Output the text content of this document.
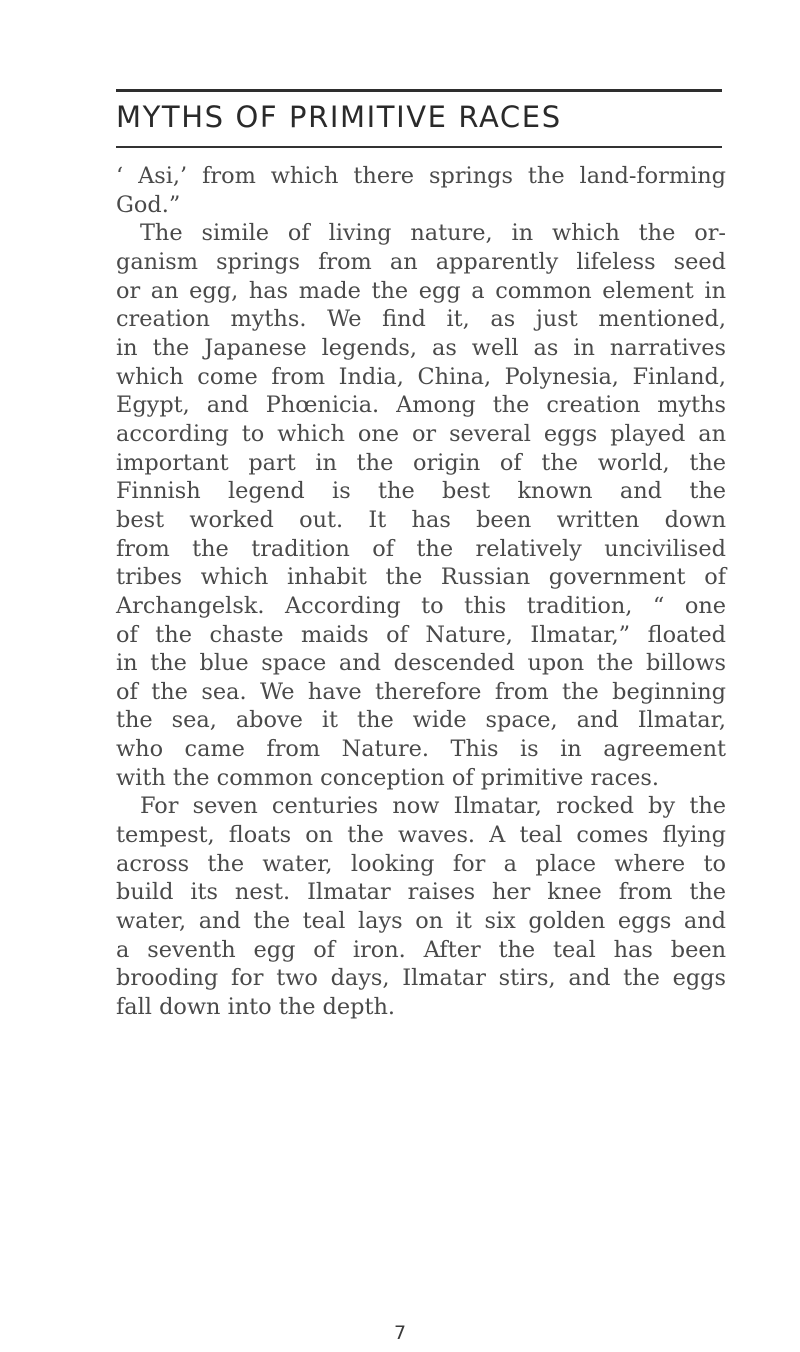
MYTHS OF PRIMITIVE RACES
‘ Asi,’ from which there springs the land-forming
God.”
The simile of living nature, in which the or-
ganism springs from an apparently lifeless seed
or an egg, has made the egg a common element in
creation myths. We find it, as just mentioned,
in the Japanese legends, as well as in narratives
which come from India, China, Polynesia, Finland,
Egypt, and Phœnicia. Among the creation myths
according to which one or several eggs played an
important part in the origin of the world, the
Finnish legend is the best known and the
best worked out. It has been written down
from the tradition of the relatively uncivilised
tribes which inhabit the Russian government of
Archangelsk. According to this tradition, “ one
of the chaste maids of Nature, Ilmatar,” floated
in the blue space and descended upon the billows
of the sea. We have therefore from the beginning
the sea, above it the wide space, and Ilmatar,
who came from Nature. This is in agreement
with the common conception of primitive races.
For seven centuries now Ilmatar, rocked by the
tempest, floats on the waves. A teal comes flying
across the water, looking for a place where to
build its nest. Ilmatar raises her knee from the
water, and the teal lays on it six golden eggs and
a seventh egg of iron. After the teal has been
brooding for two days, Ilmatar stirs, and the eggs
fall down into the depth.
7
